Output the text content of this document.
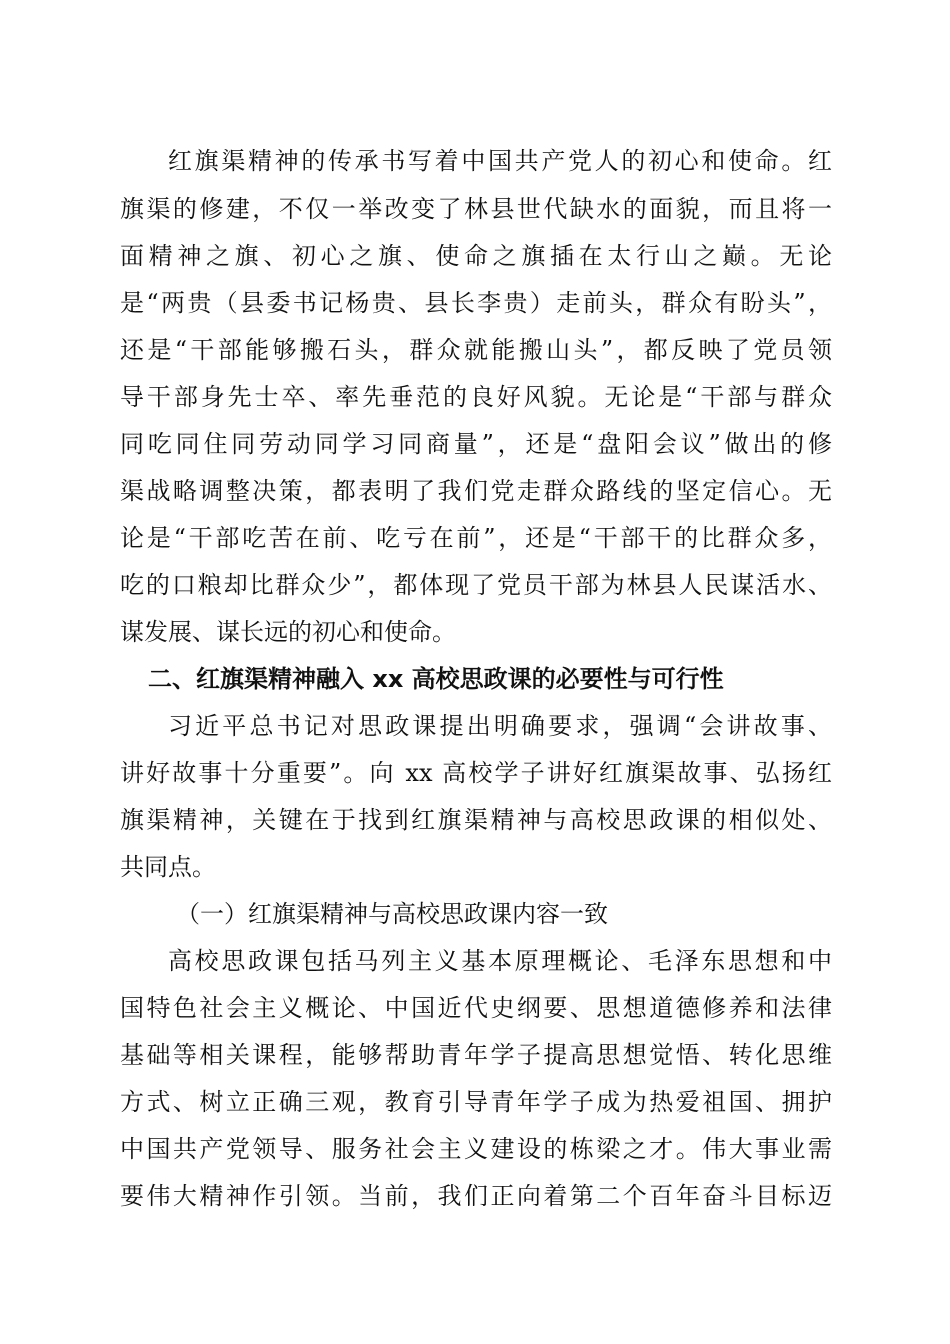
红旗渠精神的传承书写着中国共产党人的初心和使命。红
旗渠的修建，不仅一举改变了林县世代缺水的面貌，而且将一
面精神之旗、初心之旗、使命之旗插在太行山之巅。无论
是“两贵（县委书记杨贵、县长李贵）走前头，群众有盼头”，
还是“干部能够搬石头，群众就能搬山头”，都反映了党员领
导干部身先士卒、率先垂范的良好风貌。无论是“干部与群众
同吃同住同劳动同学习同商量”，还是“盘阳会议”做出的修
渠战略调整决策，都表明了我们党走群众路线的坚定信心。无
论是“干部吃苦在前、吃亏在前”，还是“干部干的比群众多，
吃的口粮却比群众少”，都体现了党员干部为林县人民谋活水、
谋发展、谋长远的初心和使命。
二、红旗渠精神融入 xx 高校思政课的必要性与可行性
习近平总书记对思政课提出明确要求，强调“会讲故事、
讲好故事十分重要”。向 xx 高校学子讲好红旗渠故事、弘扬红
旗渠精神，关键在于找到红旗渠精神与高校思政课的相似处、
共同点。
（一）红旗渠精神与高校思政课内容一致
高校思政课包括马列主义基本原理概论、毛泽东思想和中
国特色社会主义概论、中国近代史纲要、思想道德修养和法律
基础等相关课程，能够帮助青年学子提高思想觉悟、转化思维
方式、树立正确三观，教育引导青年学子成为热爱祖国、拥护
中国共产党领导、服务社会主义建设的栋梁之才。伟大事业需
要伟大精神作引领。当前，我们正向着第二个百年奋斗目标迈
